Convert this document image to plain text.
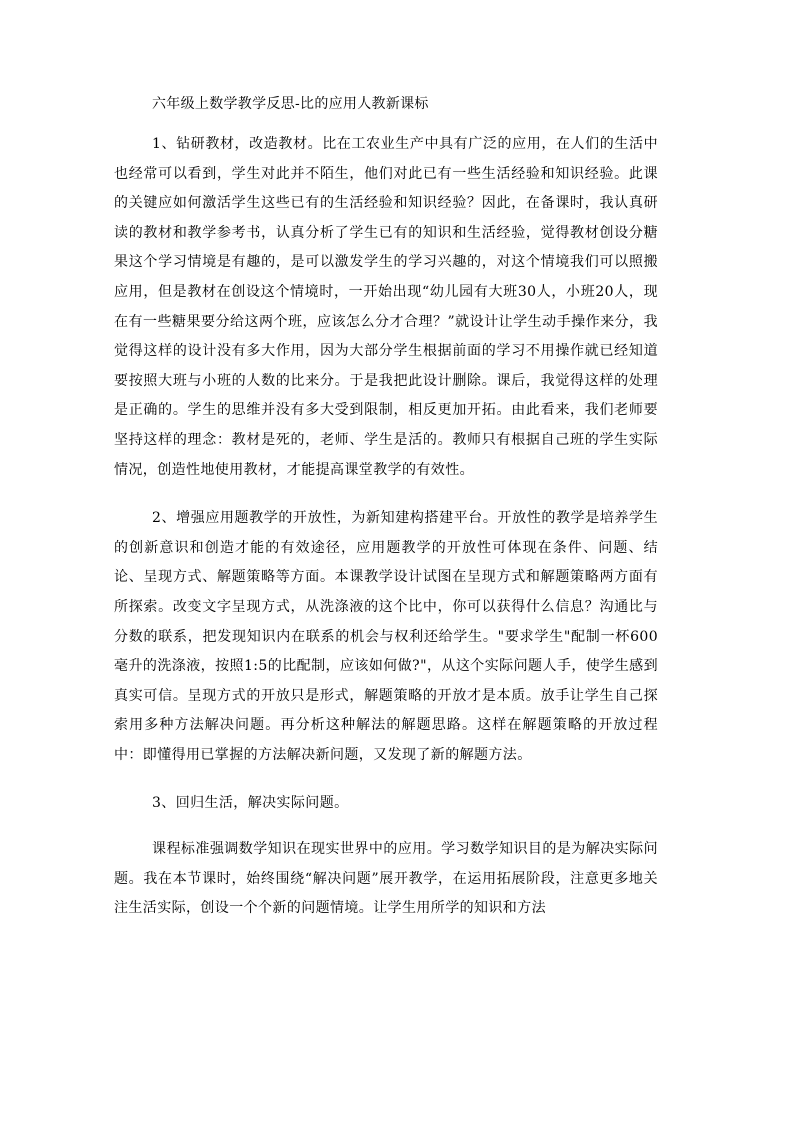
六年级上数学教学反思-比的应用人教新课标

1、钻研教材，改造教材。比在工农业生产中具有广泛的应用，在人们的生活中也经常可以看到，学生对此并不陌生，他们对此已有一些生活经验和知识经验。此课的关键应如何激活学生这些已有的生活经验和知识经验？因此，在备课时，我认真研读的教材和教学参考书，认真分析了学生已有的知识和生活经验，觉得教材创设分糖果这个学习情境是有趣的，是可以激发学生的学习兴趣的，对这个情境我们可以照搬应用，但是教材在创设这个情境时，一开始出现“幼儿园有大班30人，小班20人，现在有一些糖果要分给这两个班，应该怎么分才合理？”就设计让学生动手操作来分，我觉得这样的设计没有多大作用，因为大部分学生根据前面的学习不用操作就已经知道要按照大班与小班的人数的比来分。于是我把此设计删除。课后，我觉得这样的处理是正确的。学生的思维并没有多大受到限制，相反更加开拓。由此看来，我们老师要坚持这样的理念：教材是死的，老师、学生是活的。教师只有根据自己班的学生实际情况，创造性地使用教材，才能提高课堂教学的有效性。

2、增强应用题教学的开放性，为新知建构搭建平台。开放性的教学是培养学生的创新意识和创造才能的有效途径，应用题教学的开放性可体现在条件、问题、结论、呈现方式、解题策略等方面。本课教学设计试图在呈现方式和解题策略两方面有所探索。改变文字呈现方式，从洗涤液的这个比中，你可以获得什么信息？沟通比与分数的联系，把发现知识内在联系的机会与权利还给学生。"要求学生"配制一杯600毫升的洗涤液，按照1:5的比配制，应该如何做?"，从这个实际问题人手，使学生感到真实可信。呈现方式的开放只是形式，解题策略的开放才是本质。放手让学生自己探索用多种方法解决问题。再分析这种解法的解题思路。这样在解题策略的开放过程中：即懂得用已掌握的方法解决新问题，又发现了新的解题方法。

3、回归生活，解决实际问题。

课程标准强调数学知识在现实世界中的应用。学习数学知识目的是为解决实际问题。我在本节课时，始终围绕“解决问题”展开教学，在运用拓展阶段，注意更多地关注生活实际，创设一个个新的问题情境。让学生用所学的知识和方法
